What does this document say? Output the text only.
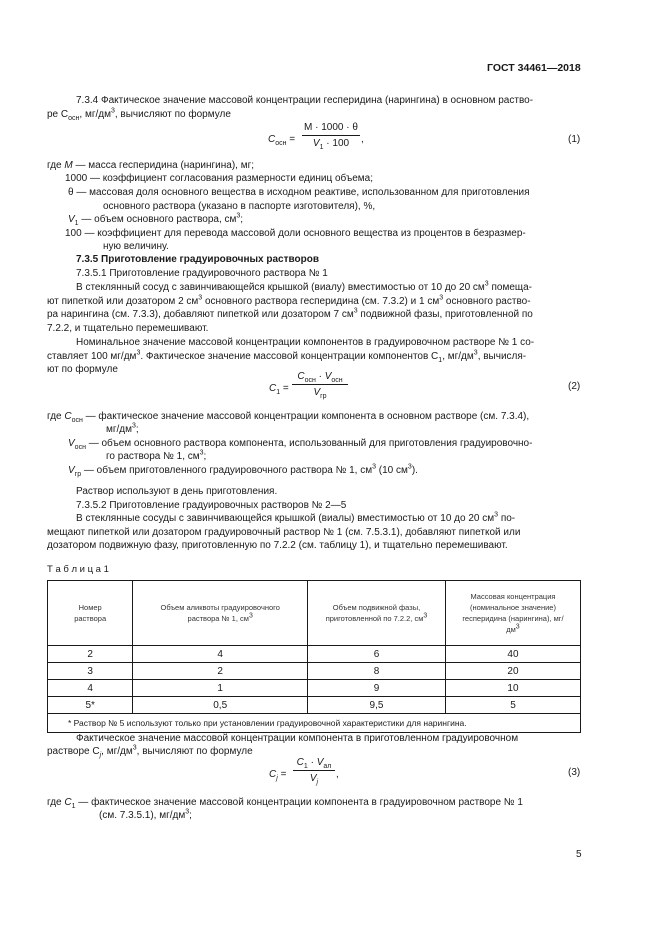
ГОСТ 34461—2018
7.3.4 Фактическое значение массовой концентрации гесперидина (нарингина) в основном раство-
ре $C_{осн}$, $мг/дм^3$, вычисляют по формуле
$C_{осн}$ =
M · 1000 · θ
$V_1 \cdot 100$	,	(1)
где M — масса гесперидина (нарингина), мг;
1000 — коэффициент согласования размерности единиц объема;
θ — массовая доля основного вещества в исходном реактиве, использованном для приготовления
основного раствора (указано в паспорте изготовителя), %,
$V_1$ — объем основного раствора, $см^3$;
100 — коэффициент для перевода массовой доли основного вещества из процентов в безразмер-
ную величину.
7.3.5 Приготовление градуировочных растворов
7.3.5.1 Приготовление градуировочного раствора № 1
В стеклянный сосуд с завинчивающейся крышкой (виалу) вместимостью от 10 до 20 $см^3$ помеща-
ют пипеткой или дозатором 2 $см^3$ основного раствора гесперидина (см. 7.3.2) и 1 $см^3$ основного раство-
ра нарингина (см. 7.3.3), добавляют пипеткой или дозатором 7 $см^3$ подвижной фазы, приготовленной по
7.2.2, и тщательно перемешивают.
Номинальное значение массовой концентрации компонентов в градуировочном растворе № 1 со-
ставляет 100 $мг/дм^3$. Фактическое значение массовой концентрации компонентов $C_1$, $мг/дм^3$, вычисля-
ют по формуле
$C_1$ =
$C_{осн} \cdot V_{осн}$
$V_{гр}$
(2)
где $C_{осн}$ — фактическое значение массовой концентрации компонента в основном растворе (см. 7.3.4),
$мг/дм^3$;
$V_{осн}$ — объем основного раствора компонента, использованный для приготовления градуировочно-
го раствора № 1, $см^3$;
$V_{гр}$ — объем приготовленного градуировочного раствора № 1, $см^3$ (10 $см^3$).
Раствор используют в день приготовления.
7.3.5.2 Приготовление градуировочных растворов № 2—5
В стеклянные сосуды с завинчивающейся крышкой (виалы) вместимостью от 10 до 20 $см^3$ по-
мещают пипеткой или дозатором градуировочный раствор № 1 (см. 7.5.3.1), добавляют пипеткой или
дозатором подвижную фазу, приготовленную по 7.2.2 (см. таблицу 1), и тщательно перемешивают.
Т а б л и ц а 1
Номер раствора	Объем аликвоты градуировочного раствора № 1, $см^3$	Объем подвижной фазы, приготовленной по 7.2.2, $см^3$	Массовая концентрация (номинальное значение) гесперидина (нарингина), $мг/дм^3$
2	4	6	40
3	2	8	20
4	1	9	10
5*	0,5	9,5	5
* Раствор № 5 используют только при установлении градуировочной характеристики для нарингина.			
Фактическое значение массовой концентрации компонента в приготовленном градуировочном
растворе $C_j$, $мг/дм^3$, вычисляют по формуле
$C_j$ =
$C_1 \cdot V_{ал}$
$V_j$
,	(3)
где $C_1$ — фактическое значение массовой концентрации компонента в градуировочном растворе № 1
(см. 7.3.5.1), $мг/дм^3$;
5
